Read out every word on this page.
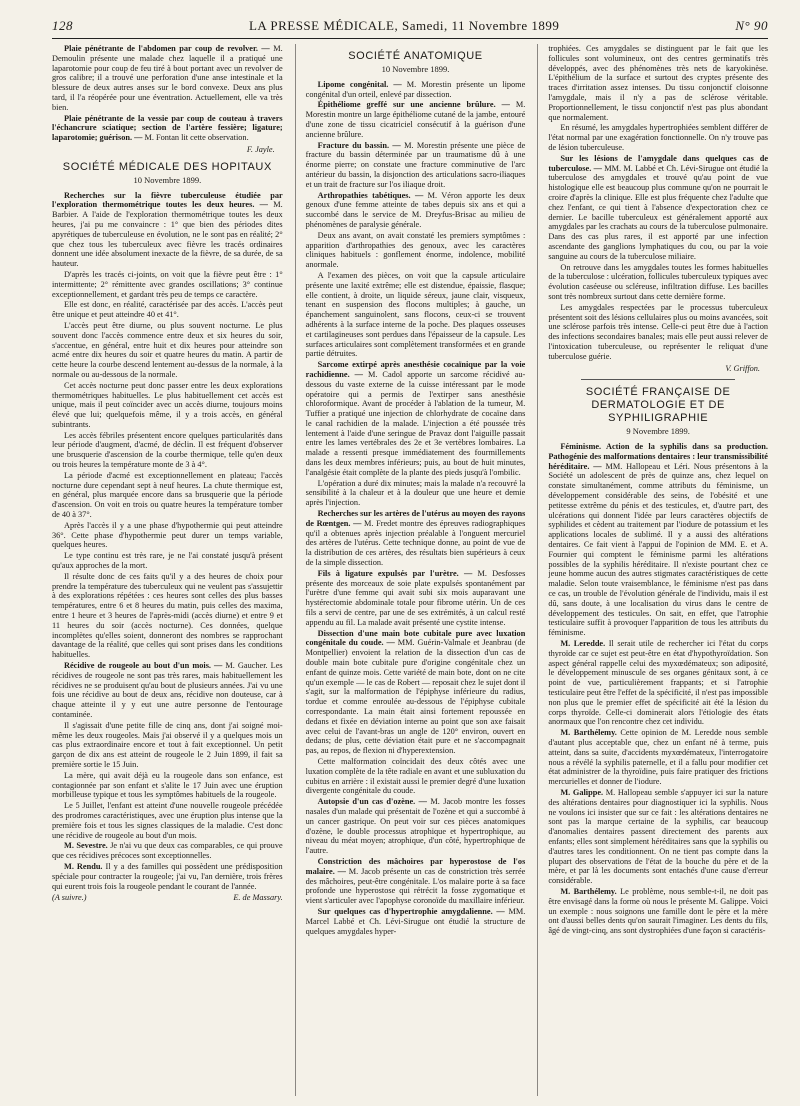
128	LA PRESSE MÉDICALE, Samedi, 11 Novembre 1899	N° 90

Plaie pénétrante de l'abdomen par coup de revolver. — M. Demoulin présente une malade chez laquelle il a pratiqué une laparotomie pour coup de feu tiré à bout portant avec un revolver de gros calibre; il a trouvé une perforation d'une anse intestinale et la blessure de deux autres anses sur le bord convexe. Deux ans plus tard, il l'a réopérée pour une éventration. Actuellement, elle va très bien.

Plaie pénétrante de la vessie par coup de couteau à travers l'échancrure sciatique; section de l'artère fessière; ligature; laparotomie; guérison. — M. Fontan lit cette observation.

F. Jayle.

SOCIÉTÉ MÉDICALE DES HOPITAUX
10 Novembre 1899.

Recherches sur la fièvre tuberculeuse étudiée par l'exploration thermométrique toutes les deux heures. — M. Barbier. A l'aide de l'exploration thermométrique toutes les deux heures, j'ai pu me convaincre : 1° que bien des périodes dites apyrétiques de tuberculeuse en évolution, ne le sont pas en réalité; 2° que chez tous les tuberculeux avec fièvre les tracés ordinaires donnent une idée absolument inexacte de la fièvre, de sa durée, de sa hauteur.

D'après les tracés ci-joints, on voit que la fièvre peut être : 1° intermittente; 2° rémittente avec grandes oscillations; 3° continue exceptionnellement, et gardant très peu de temps ce caractère.

Elle est donc, en réalité, caractérisée par des accès. L'accès peut être unique et peut atteindre 40 et 41°.

L'accès peut être diurne, ou plus souvent nocturne. Le plus souvent donc l'accès commence entre deux et six heures du soir, s'accentue, en général, entre huit et dix heures pour atteindre son acmé entre dix heures du soir et quatre heures du matin. A partir de cette heure la courbe descend lentement au-dessus de la normale, à la normale ou au-dessous de la normale.

Cet accès nocturne peut donc passer entre les deux explorations thermométriques habituelles. Le plus habituellement cet accès est unique, mais il peut coïncider avec un accès diurne, toujours moins élevé que lui; quelquefois même, il y a trois accès, en général subintrants.

Les accès fébriles présentent encore quelques particularités dans leur période d'augment, d'acmé, de déclin. Il est fréquent d'observer une brusquerie d'ascension de la courbe thermique, telle qu'en deux ou trois heures la température monte de 3 à 4°.

La période d'acmé est exceptionnellement en plateau; l'accès nocturne dure cependant sept à neuf heures. La chute thermique est, en général, plus marquée encore dans sa brusquerie que la période d'ascension. On voit en trois ou quatre heures la température tomber de 40 à 37°.

Après l'accès il y a une phase d'hypothermie qui peut atteindre 36°. Cette phase d'hypothermie peut durer un temps variable, quelques heures.

Le type continu est très rare, je ne l'ai constaté jusqu'à présent qu'aux approches de la mort.

Il résulte donc de ces faits qu'il y a des heures de choix pour prendre la température des tuberculeux qui ne veulent pas s'assujettir à des explorations répétées : ces heures sont celles des plus basses températures, entre 6 et 8 heures du matin, puis celles des maxima, entre 1 heure et 3 heures de l'après-midi (accès diurne) et entre 9 et 11 heures du soir (accès nocturne). Ces données, quelque incomplètes qu'elles soient, donneront des nombres se rapprochant davantage de la réalité, que celles qui sont prises dans les conditions habituelles.

Récidive de rougeole au bout d'un mois. — M. Gaucher. Les récidives de rougeole ne sont pas très rares, mais habituellement les récidives ne se produisent qu'au bout de plusieurs années. J'ai vu une fois une récidive au bout de deux ans, récidive non douteuse, car à chaque atteinte il y y eut une autre personne de l'entourage contaminée.

Il s'agissait d'une petite fille de cinq ans, dont j'ai soigné moi-même les deux rougeoles. Mais j'ai observé il y a quelques mois un cas plus extraordinaire encore et tout à fait exceptionnel. Un petit garçon de dix ans est atteint de rougeole le 2 Juin 1899, il fait sa première sortie le 15 Juin.

La mère, qui avait déjà eu la rougeole dans son enfance, est contagionnée par son enfant et s'alite le 17 Juin avec une éruption morbilleuse typique et tous les symptômes habituels de la rougeole.

Le 5 Juillet, l'enfant est atteint d'une nouvelle rougeole précédée des prodromes caractéristiques, avec une éruption plus intense que la première fois et tous les signes classiques de la maladie. C'est donc une récidive de rougeole au bout d'un mois.

M. Sevestre. Je n'ai vu que deux cas comparables, ce qui prouve que ces récidives précoces sont exceptionnelles.

M. Rendu. Il y a des familles qui possèdent une prédisposition spéciale pour contracter la rougeole; j'ai vu, l'an dernière, trois frères qui eurent trois fois la rougeole pendant le courant de l'année.

(A suivre.)	E. de Massary.

SOCIÉTÉ ANATOMIQUE
10 Novembre 1899.

Lipome congénital. — M. Morestin présente un lipome congénital d'un orteil, enlevé par dissection.

Épithéliome greffé sur une ancienne brûlure. — M. Morestin montre un large épithéliome cutané de la jambe, entouré d'une zone de tissu cicatriciel consécutif à la guérison d'une ancienne brûlure.

Fracture du bassin. — M. Morestin présente une pièce de fracture du bassin déterminée par un traumatisme dû à une énorme pierre; on constate une fracture comminutive de l'arc antérieur du bassin, la disjonction des articulations sacro-iliaques et un trait de fracture sur l'os iliaque droit.

Arthropathies tabétiques. — M. Véron apporte les deux genoux d'une femme atteinte de tabes depuis six ans et qui a succombé dans le service de M. Dreyfus-Brisac au milieu de phénomènes de paralysie générale.

Deux ans avant, on avait constaté les premiers symptômes : apparition d'arthropathies des genoux, avec les caractères cliniques habituels : gonflement énorme, indolence, mobilité anormale.

A l'examen des pièces, on voit que la capsule articulaire présente une laxité extrême; elle est distendue, épaissie, flasque; elle contient, à droite, un liquide séreux, jaune clair, visqueux, tenant en suspension des flocons multiples; à gauche, un épanchement sanguinolent, sans flocons, ceux-ci se trouvent adhérents à la surface interne de la poche. Des plaques osseuses et cartilagineuses sont perdues dans l'épaisseur de la capsule. Les surfaces articulaires sont complètement transformées et en grande partie détruites.

Sarcome extirpé après anesthésie cocaïnique par la voie rachidienne. — M. Cadol apporte un sarcome récidivé au-dessous du vaste externe de la cuisse intéressant par le mode opératoire qui a permis de l'extirper sans anesthésie chloroformique. Avant de procéder à l'ablation de la tumeur, M. Tuffier a pratiqué une injection de chlorhydrate de cocaïne dans le canal rachidien de la malade. L'injection a été poussée très lentement à l'aide d'une seringue de Pravaz dont l'aiguille passait entre les lames vertébrales des 2e et 3e vertèbres lombaires. La malade a ressenti presque immédiatement des fourmillements dans les deux membres inférieurs; puis, au bout de huit minutes, l'analgésie était complète de la plante des pieds jusqu'à l'ombilic.

L'opération a duré dix minutes; mais la malade n'a recouvré la sensibilité à la chaleur et à la douleur que une heure et demie après l'injection.

Recherches sur les artères de l'utérus au moyen des rayons de Rœntgen. — M. Fredet montre des épreuves radiographiques qu'il a obtenues après injection préalable à l'onguent mercuriel des artères de l'utérus. Cette technique donne, au point de vue de la distribution de ces artères, des résultats bien supérieurs à ceux de la simple dissection.

Fils à ligature expulsés par l'urètre. — M. Desfosses présente des morceaux de soie plate expulsés spontanément par l'urètre d'une femme qui avait subi six mois auparavant une hystérectomie abdominale totale pour fibrome utérin. Un de ces fils a servi de centre, par une de ses extrémités, à un calcul resté appendu au fil. La malade avait présenté une cystite intense.

Dissection d'une main bote cubitale pure avec luxation congénitale du coude. — MM. Guérin-Valmale et Jeanbrau (de Montpellier) envoient la relation de la dissection d'un cas de double main bote cubitale pure d'origine congénitale chez un enfant de quinze mois. Cette variété de main bote, dont on ne cite qu'un exemple — le cas de Robert — reposait chez le sujet dont il s'agit, sur la malformation de l'épiphyse inférieure du radius, tordue et comme enroulée au-dessous de l'épiphyse cubitale correspondante. La main était ainsi fortement repoussée en dedans et fixée en déviation interne au point que son axe faisait avec celui de l'avant-bras un angle de 120° environ, ouvert en dedans; de plus, cette déviation était pure et ne s'accompagnait pas, au repos, de flexion ni d'hyperextension.

Cette malformation coïncidait des deux côtés avec une luxation complète de la tête radiale en avant et une subluxation du cubitus en arrière : il existait aussi le premier degré d'une luxation divergente congénitale du coude.

Autopsie d'un cas d'ozène. — M. Jacob montre les fosses nasales d'un malade qui présentait de l'ozène et qui a succombé à un cancer gastrique. On peut voir sur ces pièces anatomiques d'ozène, le double processus atrophique et hypertrophique, au niveau du méat moyen; atrophique, d'un côté, hypertrophique de l'autre.

Constriction des mâchoires par hyperostose de l'os malaire. — M. Jacob présente un cas de constriction très serrée des mâchoires, peut-être congénitale. L'os malaire porte à sa face profonde une hyperostose qui rétrécit la fosse zygomatique et vient s'articuler avec l'apophyse coronoïde du maxillaire inférieur.

Sur quelques cas d'hypertrophie amygdalienne. — MM. Marcel Labbé et Ch. Lévi-Sirugue ont étudié la structure de quelques amygdales hyper-

trophiées. Ces amygdales se distinguent par le fait que les follicules sont volumineux, ont des centres germinatifs très développés, avec des phénomènes très nets de karyokinèse. L'épithélium de la surface et surtout des cryptes présente des traces d'irritation assez intenses. Du tissu conjonctif cloisonne l'amygdale, mais il n'y a pas de sclérose véritable. Proportionnellement, le tissu conjonctif n'est pas plus abondant que normalement.

En résumé, les amygdales hypertrophiées semblent différer de l'état normal par une exagération fonctionnelle. On n'y trouve pas de lésion tuberculeuse.

Sur les lésions de l'amygdale dans quelques cas de tuberculose. — MM. M. Labbé et Ch. Lévi-Sirugue ont étudié la tuberculose des amygdales et trouvé qu'au point de vue histologique elle est beaucoup plus commune qu'on ne pourrait le croire d'après la clinique. Elle est plus fréquente chez l'adulte que chez l'enfant, ce qui tient à l'absence d'expectoration chez ce dernier. Le bacille tuberculeux est généralement apporté aux amygdales par les crachats au cours de la tuberculose pulmonaire. Dans des cas plus rares, il est apporté par une infection ascendante des ganglions lymphatiques du cou, ou par la voie sanguine au cours de la tuberculose miliaire.

On retrouve dans les amygdales toutes les formes habituelles de la tuberculose : ulcération, follicules tuberculeux typiques avec évolution caséeuse ou scléreuse, infiltration diffuse. Les bacilles sont très nombreux surtout dans cette dernière forme.

Les amygdales respectées par le processus tuberculeux présentent soit des lésions cellulaires plus ou moins avancées, soit une sclérose parfois très intense. Celle-ci peut être due à l'action des infections secondaires banales; mais elle peut aussi relever de l'intoxication tuberculeuse, ou représenter le reliquat d'une tuberculose guérie.

V. Griffon.

SOCIÉTÉ FRANÇAISE DE DERMATOLOGIE ET DE SYPHILIGRAPHIE
9 Novembre 1899.

Féminisme. Action de la syphilis dans sa production. Pathogénie des malformations dentaires : leur transmissibilité héréditaire. — MM. Hallopeau et Léri. Nous présentons à la Société un adolescent de près de quinze ans, chez lequel on constate simultanément, comme attributs du féminisme, un développement considérable des seins, de l'obésité et une petitesse extrême du pénis et des testicules, et, d'autre part, des ulcérations qui donnent l'idée par leurs caractères objectifs de syphilides et cèdent au traitement par l'iodure de potassium et les applications locales de sublimé. Il y a aussi des altérations dentaires. Ce fait vient à l'appui de l'opinion de MM. E. et A. Fournier qui comptent le féminisme parmi les altérations possibles de la syphilis héréditaire. Il n'existe pourtant chez ce jeune homme aucun des autres stigmates caractéristiques de cette maladie. Selon toute vraisemblance, le féminisme n'est pas dans ce cas, un trouble de l'évolution générale de l'individu, mais il est dû, sans doute, à une localisation du virus dans le centre de développement des testicules. On sait, en effet, que l'atrophie testiculaire suffit à provoquer l'apparition de tous les attributs du féminisme.

M. Leredde. Il serait utile de rechercher ici l'état du corps thyroïde car ce sujet est peut-être en état d'hypothyroïdation. Son aspect général rappelle celui des myxœdémateux; son adiposité, le développement minuscule de ses organes génitaux sont, à ce point de vue, particulièrement frappants; et si l'atrophie testiculaire peut être l'effet de la spécificité, il n'est pas impossible non plus que le premier effet de spécificité ait été la lésion du corps thyroïde. Celle-ci dominerait alors l'étiologie des états anormaux que l'on rencontre chez cet individu.

M. Barthélemy. Cette opinion de M. Leredde nous semble d'autant plus acceptable que, chez un enfant né à terme, puis atteint, dans sa suite, d'accidents myxœdémateux, l'interrogatoire nous a révélé la syphilis paternelle, et il a fallu pour modifier cet état administrer de la thyroïdine, puis faire pratiquer des frictions mercurielles et donner de l'iodure.

M. Galippe. M. Hallopeau semble s'appuyer ici sur la nature des altérations dentaires pour diagnostiquer ici la syphilis. Nous ne voulons ici insister que sur ce fait : les altérations dentaires ne sont pas la marque certaine de la syphilis, car beaucoup d'anomalies dentaires passent directement des parents aux enfants; elles sont simplement héréditaires sans que la syphilis ou d'autres tares les conditionnent. On ne tient pas compte dans la plupart des observations de l'état de la bouche du père et de la mère, et par là les documents sont entachés d'une cause d'erreur considérable.

M. Barthélemy. Le problème, nous semble-t-il, ne doit pas être envisagé dans la forme où nous le présente M. Galippe. Voici un exemple : nous soignons une famille dont le père et la mère ont d'aussi belles dents qu'on saurait l'imaginer. Les dents du fils, âgé de vingt-cinq, ans sont dystrophiées d'une façon si caractéris-
